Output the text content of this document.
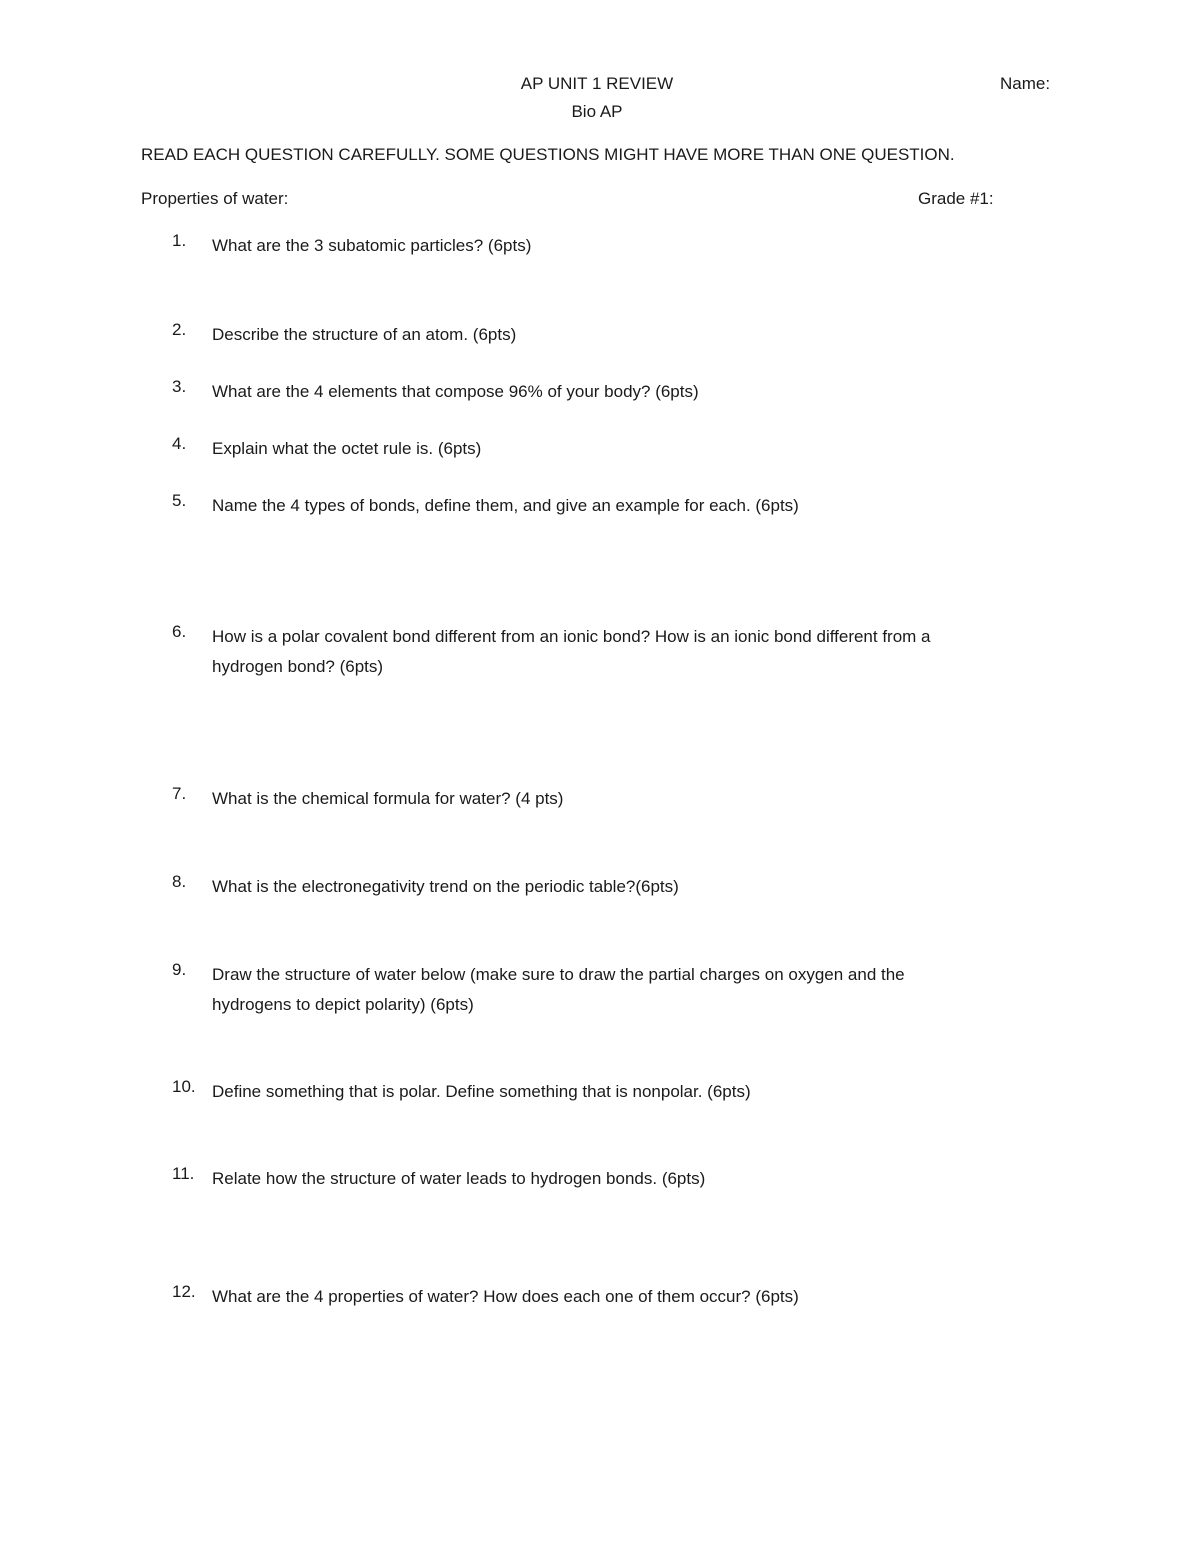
AP UNIT 1 REVIEW
Bio AP
Name:
READ EACH QUESTION CAREFULLY. SOME QUESTIONS MIGHT HAVE MORE THAN ONE QUESTION.
Properties of water:	Grade #1:
1.	What are the 3 subatomic particles? (6pts)
2.	Describe the structure of an atom. (6pts)
3.	What are the 4 elements that compose 96% of your body? (6pts)
4.	Explain what the octet rule is. (6pts)
5.	Name the 4 types of bonds, define them, and give an example for each. (6pts)
6.	How is a polar covalent bond different from an ionic bond? How is an ionic bond different from a
hydrogen bond? (6pts)
7.	What is the chemical formula for water? (4 pts)
8.	What is the electronegativity trend on the periodic table?(6pts)
9.	Draw the structure of water below (make sure to draw the partial charges on oxygen and the
hydrogens to depict polarity) (6pts)
10. Define something that is polar. Define something that is nonpolar. (6pts)
11.	Relate how the structure of water leads to hydrogen bonds. (6pts)
12. What are the 4 properties of water? How does each one of them occur? (6pts)
